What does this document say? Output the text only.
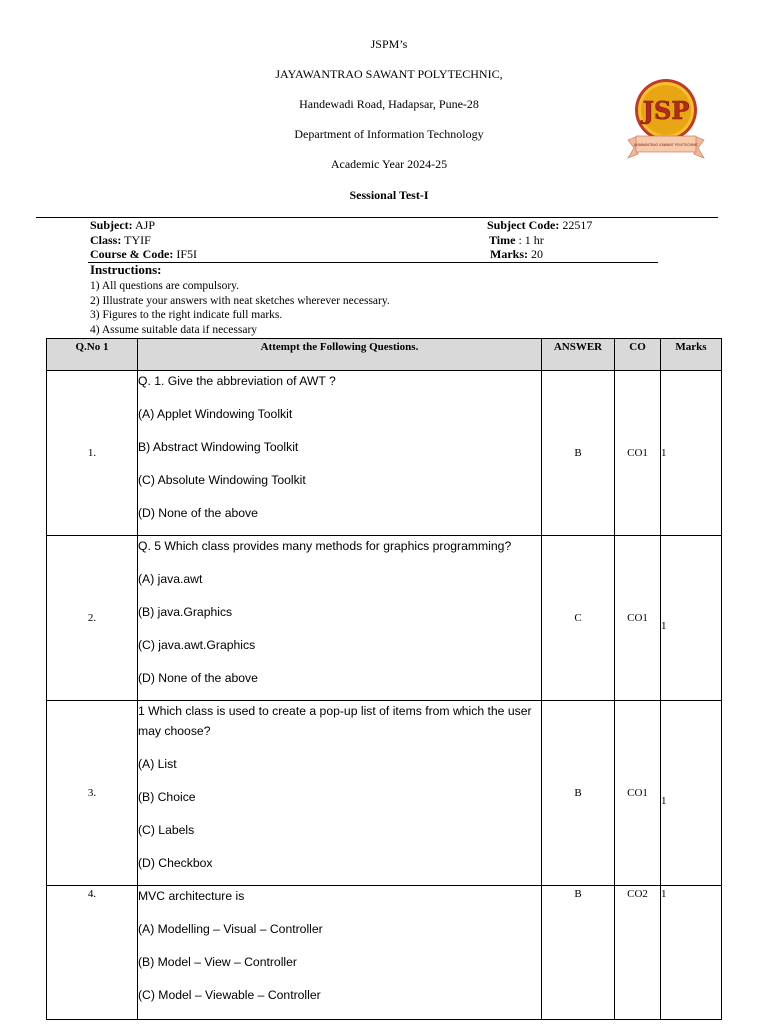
JSPM’s
JAYAWANTRAO SAWANT POLYTECHNIC,
Handewadi Road, Hadapsar, Pune-28
Department of Information Technology
Academic Year 2024-25
Sessional Test-I
JSP
JAYAWANTRAO SAWANT POLYTECHNIC
Subject: AJP
Class: TYIF
Course & Code: IF5I
Subject Code: 22517
Time : 1 hr
Marks: 20
Instructions:
1) All questions are compulsory.
2) Illustrate your answers with neat sketches wherever necessary.
3) Figures to the right indicate full marks.
4) Assume suitable data if necessary
Q.No 1	Attempt the Following Questions.	ANSWER	CO	Marks
1.	Q. 1. Give the abbreviation of AWT ?
(A) Applet Windowing Toolkit
B) Abstract Windowing Toolkit
(C) Absolute Windowing Toolkit
(D) None of the above	B	CO1	1
2.	Q. 5 Which class provides many methods for graphics programming?
(A) java.awt
(B) java.Graphics
(C) java.awt.Graphics
(D) None of the above	C	CO1	1
3.	1 Which class is used to create a pop-up list of items from which the user may choose?
(A) List
(B) Choice
(C) Labels
(D) Checkbox	B	CO1	1
4.	MVC architecture is
(A) Modelling – Visual – Controller
(B) Model – View – Controller
(C) Model – Viewable – Controller	B	CO2	1
